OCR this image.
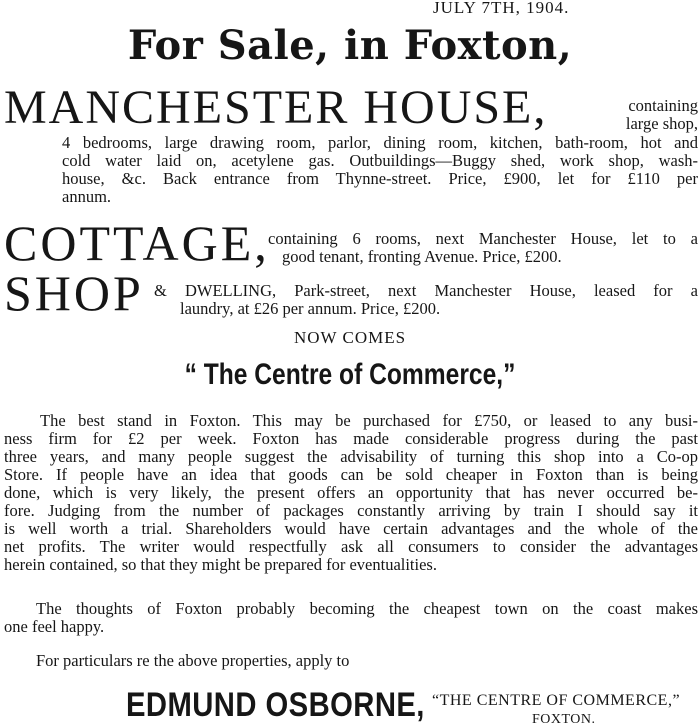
JULY 7TH, 1904.
For Sale, in Foxton,
MANCHESTER HOUSE,	containing
large shop,
4 bedrooms, large drawing room, parlor, dining room, kitchen, bath-room, hot and
cold water laid on, acetylene gas. Outbuildings—Buggy shed, work shop, wash-
house, &c. Back entrance from Thynne-street. Price, £900, let for £110 per
annum.
COTTAGE,
containing 6 rooms, next Manchester House, let to a
good tenant, fronting Avenue. Price, £200.
SHOP & DWELLING, Park-street, next Manchester House, leased for a
laundry, at £26 per annum. Price, £200.
NOW COMES
“ The Centre of Commerce,”
The best stand in Foxton. This may be purchased for £750, or leased to any busi-
ness firm for £2 per week. Foxton has made considerable progress during the past
three years, and many people suggest the advisability of turning this shop into a Co-op
Store. If people have an idea that goods can be sold cheaper in Foxton than is being
done, which is very likely, the present offers an opportunity that has never occurred be-
fore. Judging from the number of packages constantly arriving by train I should say it
is well worth a trial. Shareholders would have certain advantages and the whole of the
net profits. The writer would respectfully ask all consumers to consider the advantages
herein contained, so that they might be prepared for eventualities.
The thoughts of Foxton probably becoming the cheapest town on the coast makes
one feel happy.
For particulars re the above properties, apply to
EDMUND OSBORNE, “THE CENTRE OF COMMERCE,”
FOXTON.
